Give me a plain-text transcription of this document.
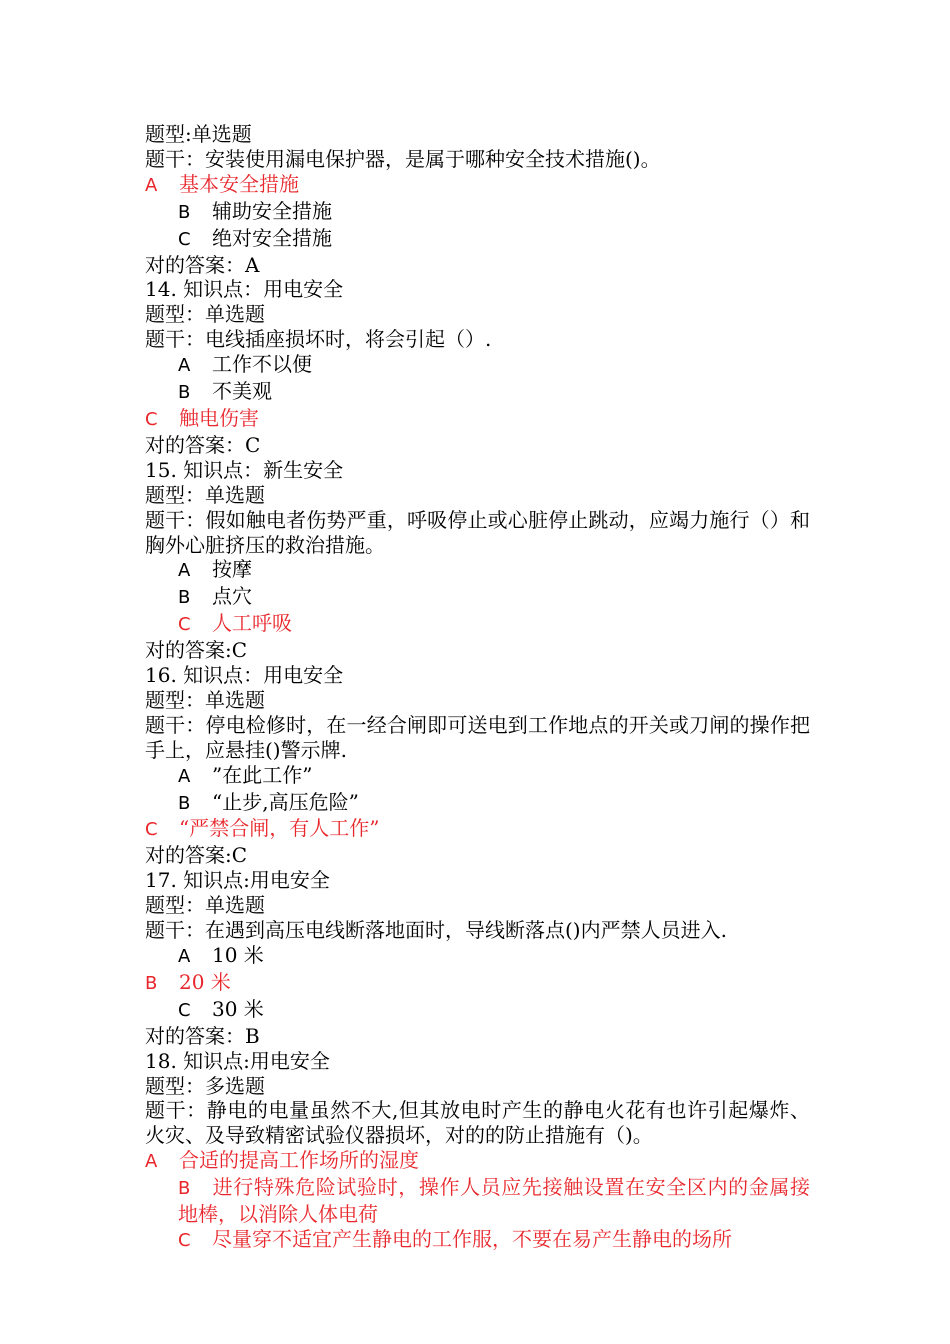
题型:单选题
题干：安装使用漏电保护器，是属于哪种安全技术措施()。
A 基本安全措施
B 辅助安全措施
C 绝对安全措施
对的答案：A
14. 知识点：用电安全
题型：单选题
题干：电线插座损坏时，将会引起（）.
A 工作不以便
B 不美观
C 触电伤害
对的答案：C
15. 知识点：新生安全
题型：单选题
题干：假如触电者伤势严重，呼吸停止或心脏停止跳动，应竭力施行（）和胸外心脏挤压的救治措施。
A 按摩
B 点穴
C 人工呼吸
对的答案:C
16. 知识点：用电安全
题型：单选题
题干：停电检修时，在一经合闸即可送电到工作地点的开关或刀闸的操作把手上，应悬挂()警示牌.
A ”在此工作”
B “止步,高压危险”
C “严禁合闸，有人工作”
对的答案:C
17. 知识点:用电安全
题型：单选题
题干：在遇到高压电线断落地面时，导线断落点()内严禁人员进入.
A 10 米
B 20 米
C 30 米
对的答案：B
18. 知识点:用电安全
题型：多选题
题干：静电的电量虽然不大,但其放电时产生的静电火花有也许引起爆炸、火灾、及导致精密试验仪器损坏，对的的防止措施有（)。
A 合适的提高工作场所的湿度
B 进行特殊危险试验时，操作人员应先接触设置在安全区内的金属接地棒，以消除人体电荷
C 尽量穿不适宜产生静电的工作服，不要在易产生静电的场所
